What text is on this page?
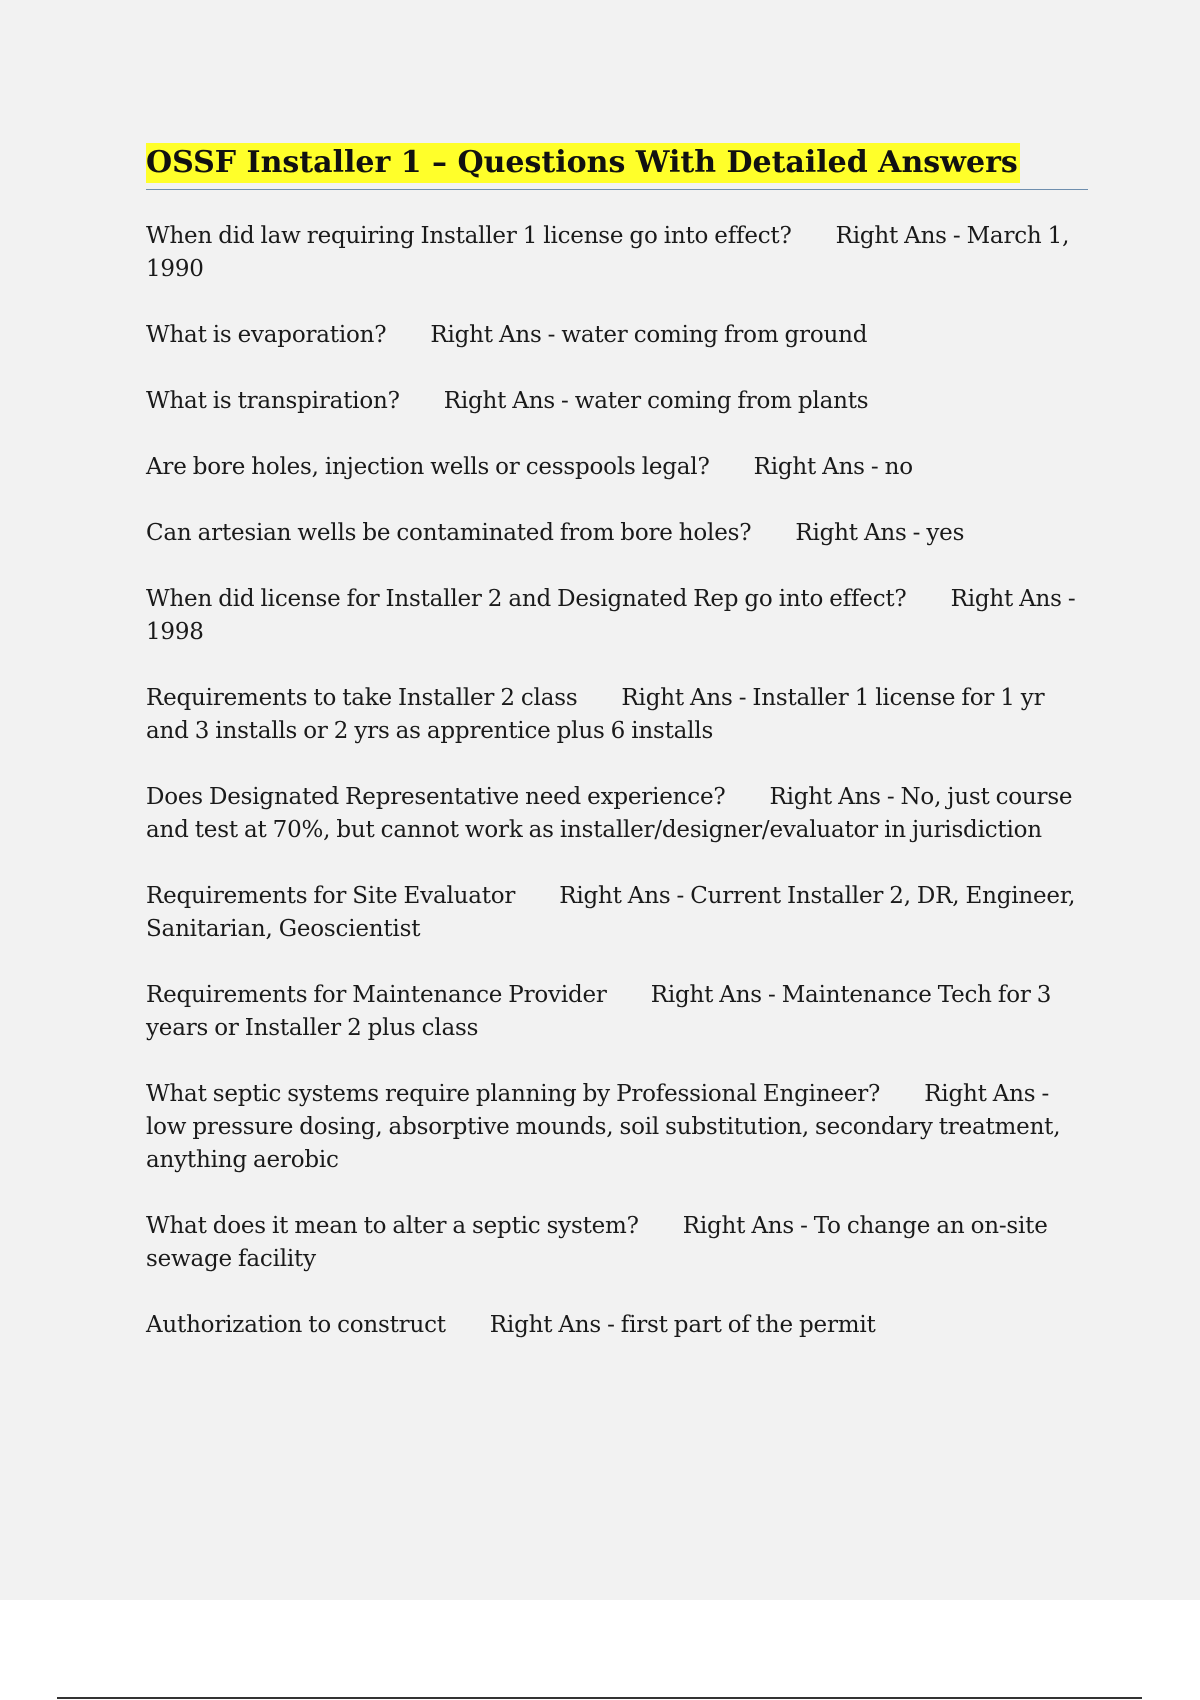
OSSF Installer 1 – Questions With Detailed Answers

When did law requiring Installer 1 license go into effect? Right Ans - March 1, 1990

What is evaporation? Right Ans - water coming from ground

What is transpiration? Right Ans - water coming from plants

Are bore holes, injection wells or cesspools legal? Right Ans - no

Can artesian wells be contaminated from bore holes? Right Ans - yes

When did license for Installer 2 and Designated Rep go into effect? Right Ans - 1998

Requirements to take Installer 2 class Right Ans - Installer 1 license for 1 yr and 3 installs or 2 yrs as apprentice plus 6 installs

Does Designated Representative need experience? Right Ans - No, just course and test at 70%, but cannot work as installer/designer/evaluator in jurisdiction

Requirements for Site Evaluator Right Ans - Current Installer 2, DR, Engineer, Sanitarian, Geoscientist

Requirements for Maintenance Provider Right Ans - Maintenance Tech for 3 years or Installer 2 plus class

What septic systems require planning by Professional Engineer? Right Ans - low pressure dosing, absorptive mounds, soil substitution, secondary treatment, anything aerobic

What does it mean to alter a septic system? Right Ans - To change an on-site sewage facility

Authorization to construct Right Ans - first part of the permit
